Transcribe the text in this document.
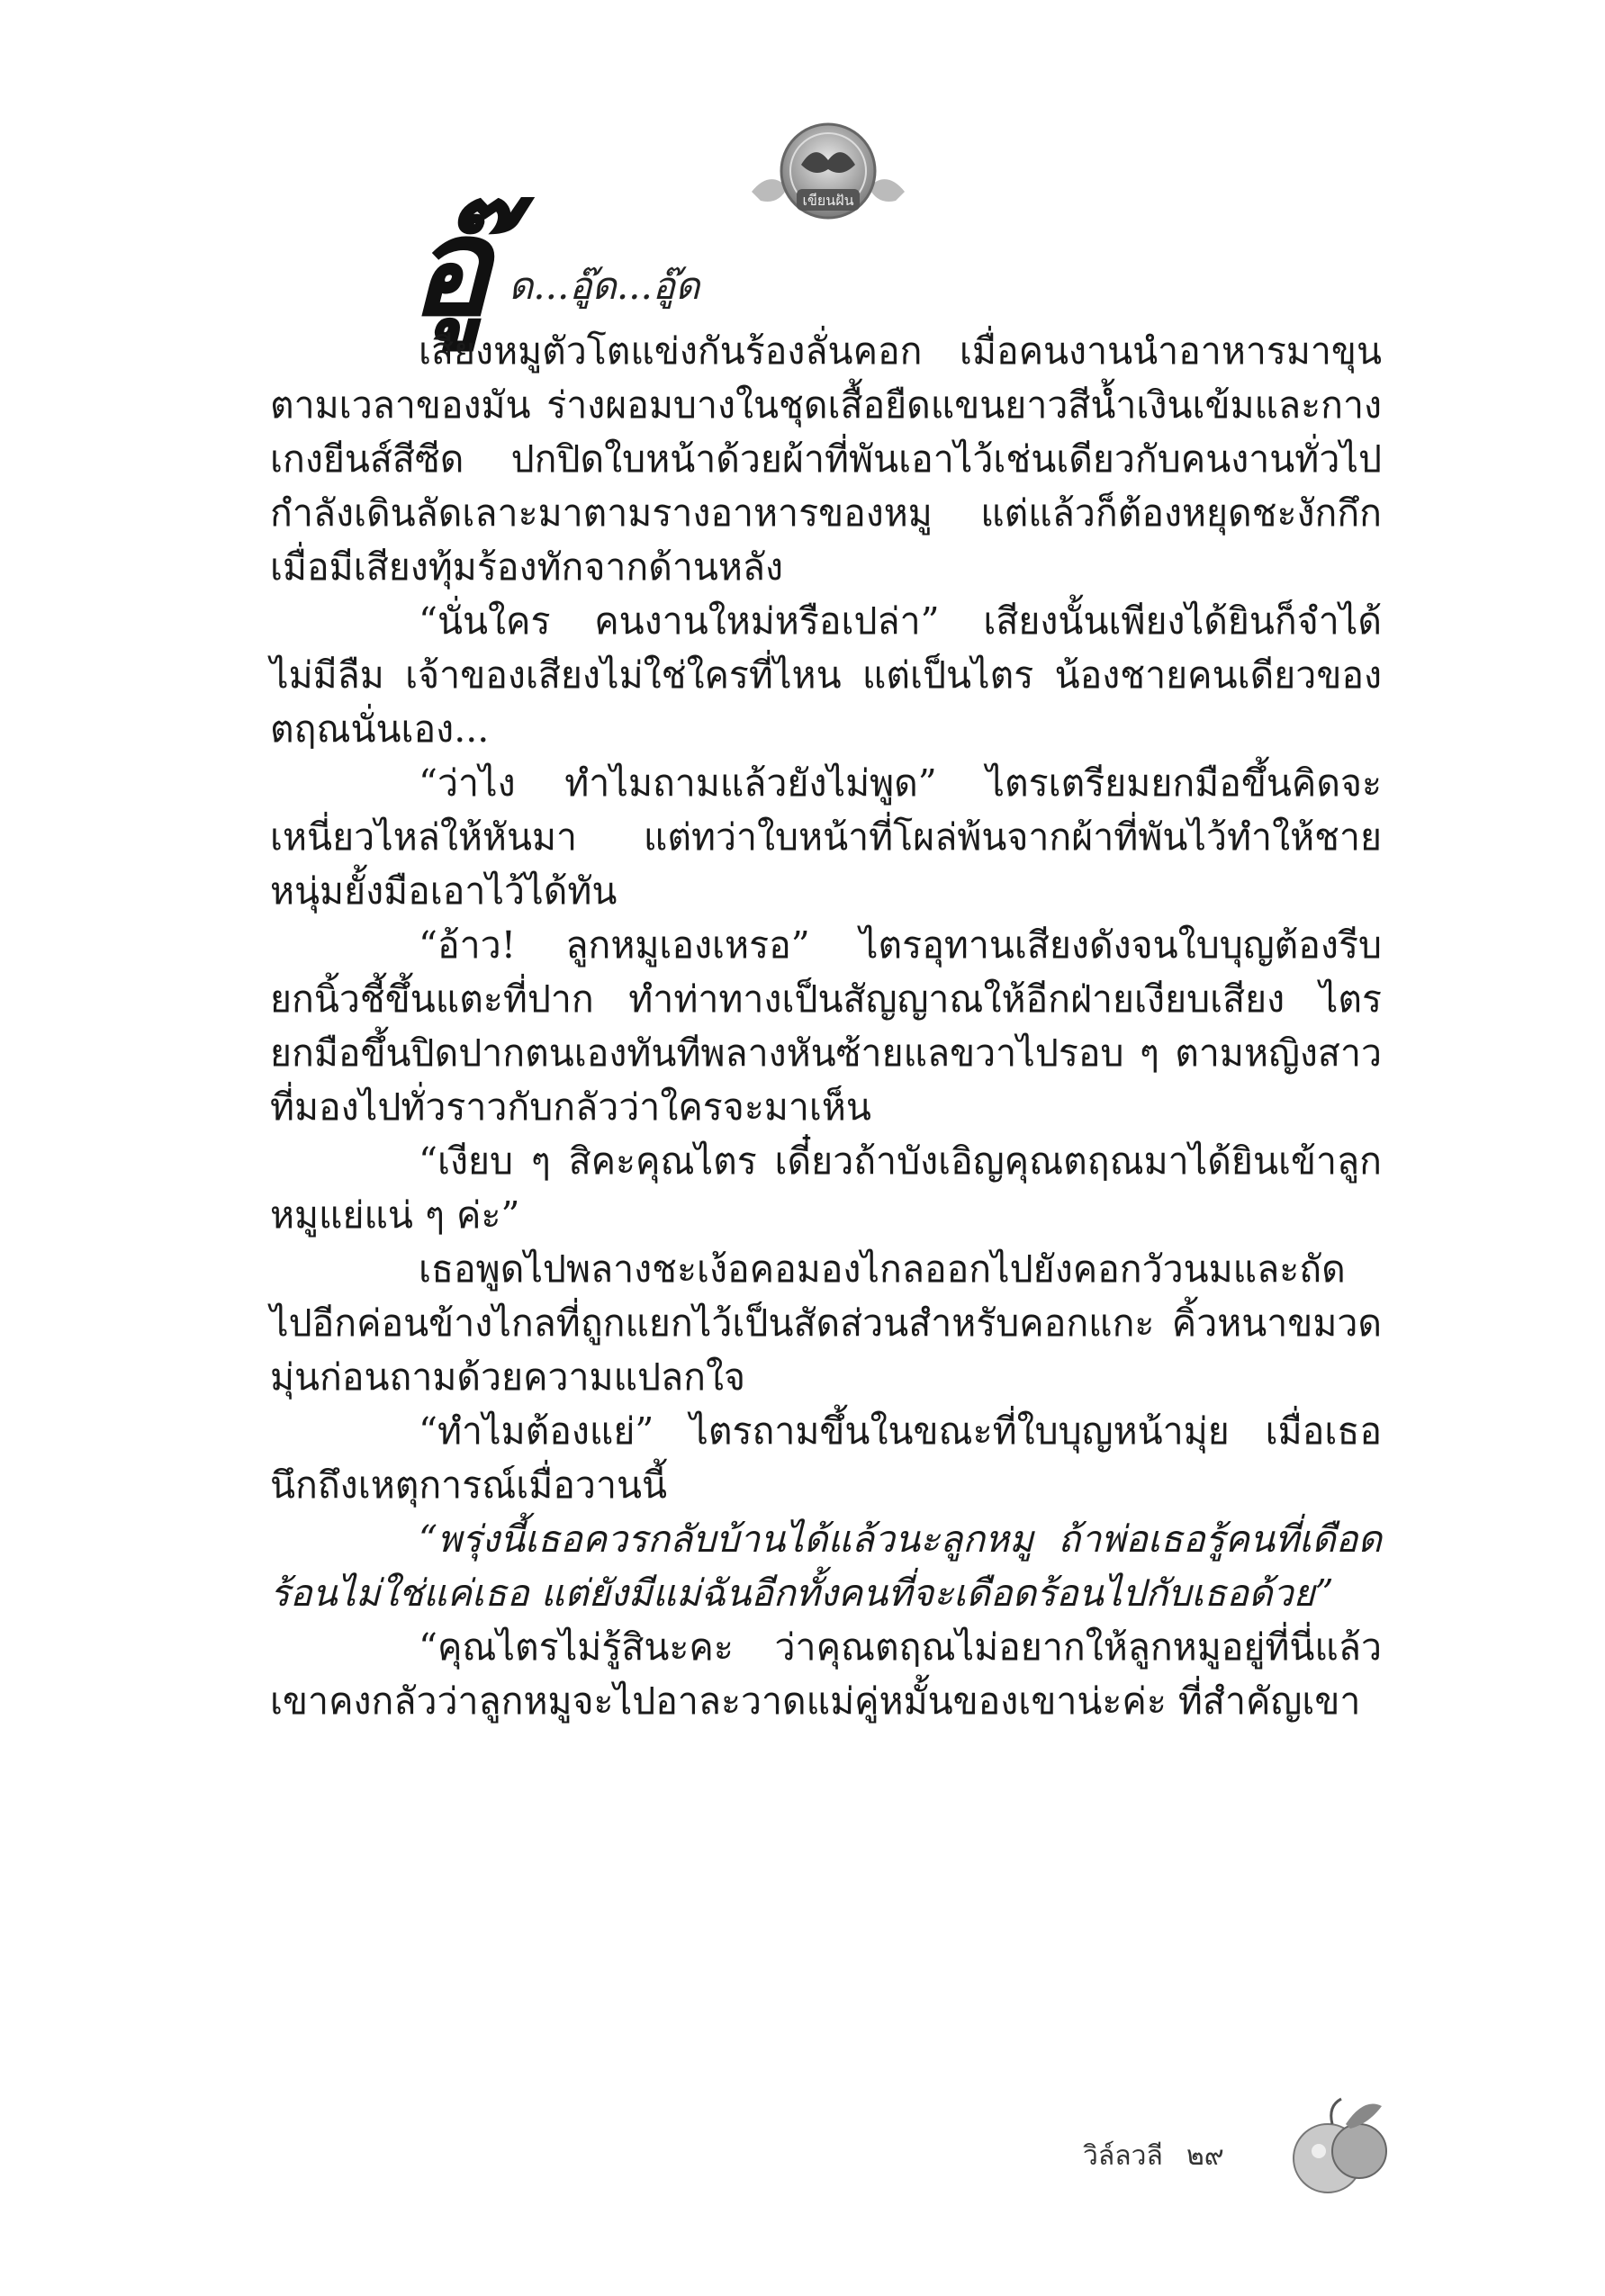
เขียนฝัน
อู๊ ด...อู๊ด...อู๊ด

เสียงหมูตัวโตแข่งกันร้องลั่นคอก เมื่อคนงานนำอาหารมาขุนตามเวลาของมัน ร่างผอมบางในชุดเสื้อยืดแขนยาวสีน้ำเงินเข้มและกางเกงยีนส์สีซีด ปกปิดใบหน้าด้วยผ้าที่พันเอาไว้เช่นเดียวกับคนงานทั่วไปกำลังเดินลัดเลาะมาตามรางอาหารของหมู แต่แล้วก็ต้องหยุดชะงักกึกเมื่อมีเสียงทุ้มร้องทักจากด้านหลัง

“นั่นใคร คนงานใหม่หรือเปล่า” เสียงนั้นเพียงได้ยินก็จำได้ไม่มีลืม เจ้าของเสียงไม่ใช่ใครที่ไหน แต่เป็นไตร น้องชายคนเดียวของตฤณนั่นเอง...

“ว่าไง ทำไมถามแล้วยังไม่พูด” ไตรเตรียมยกมือขึ้นคิดจะเหนี่ยวไหล่ให้หันมา แต่ทว่าใบหน้าที่โผล่พ้นจากผ้าที่พันไว้ทำให้ชายหนุ่มยั้งมือเอาไว้ได้ทัน

“อ้าว! ลูกหมูเองเหรอ” ไตรอุทานเสียงดังจนใบบุญต้องรีบยกนิ้วชี้ขึ้นแตะที่ปาก ทำท่าทางเป็นสัญญาณให้อีกฝ่ายเงียบเสียง ไตรยกมือขึ้นปิดปากตนเองทันทีพลางหันซ้ายแลขวาไปรอบ ๆ ตามหญิงสาวที่มองไปทั่วราวกับกลัวว่าใครจะมาเห็น

“เงียบ ๆ สิคะคุณไตร เดี๋ยวถ้าบังเอิญคุณตฤณมาได้ยินเข้าลูกหมูแย่แน่ ๆ ค่ะ”

เธอพูดไปพลางชะเง้อคอมองไกลออกไปยังคอกวัวนมและถัดไปอีกค่อนข้างไกลที่ถูกแยกไว้เป็นสัดส่วนสำหรับคอกแกะ คิ้วหนาขมวดมุ่นก่อนถามด้วยความแปลกใจ

“ทำไมต้องแย่” ไตรถามขึ้นในขณะที่ใบบุญหน้ามุ่ย เมื่อเธอนึกถึงเหตุการณ์เมื่อวานนี้

“พรุ่งนี้เธอควรกลับบ้านได้แล้วนะลูกหมู ถ้าพ่อเธอรู้คนที่เดือดร้อนไม่ใช่แค่เธอ แต่ยังมีแม่ฉันอีกทั้งคนที่จะเดือดร้อนไปกับเธอด้วย”

“คุณไตรไม่รู้สินะคะ ว่าคุณตฤณไม่อยากให้ลูกหมูอยู่ที่นี่แล้วเขาคงกลัวว่าลูกหมูจะไปอาละวาดแม่คู่หมั้นของเขาน่ะค่ะ ที่สำคัญเขา

วิล์ลวลี ๒๙
